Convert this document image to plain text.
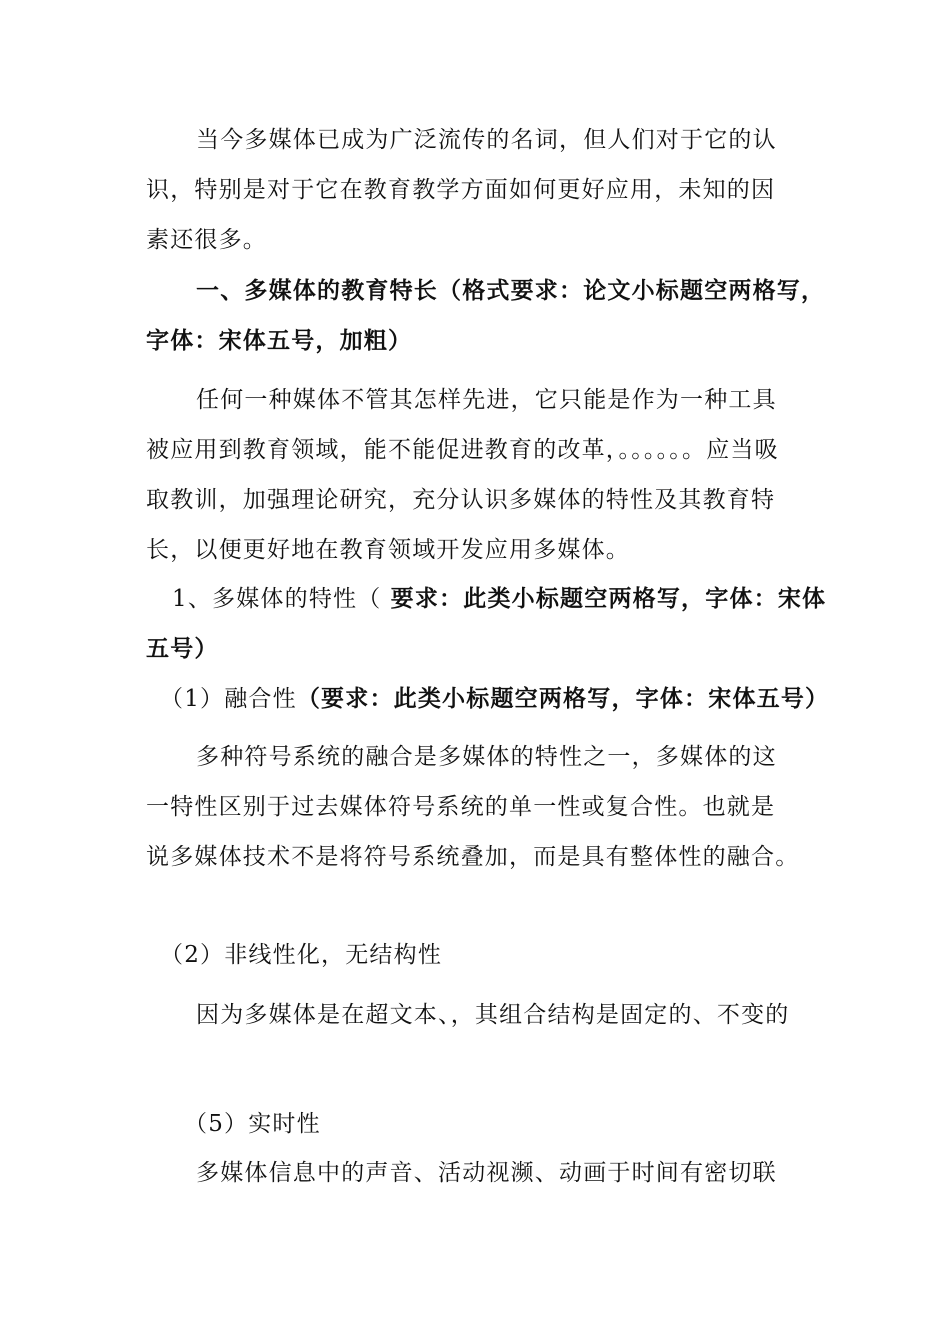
当今多媒体已成为广泛流传的名词，但人们对于它的认
识，特别是对于它在教育教学方面如何更好应用，未知的因
素还很多。
一、多媒体的教育特长（格式要求：论文小标题空两格写，
字体：宋体五号，加粗）
任何一种媒体不管其怎样先进，它只能是作为一种工具
被应用到教育领域，能不能促进教育的改革，。。。。。。应当吸
取教训，加强理论研究，充分认识多媒体的特性及其教育特
长，以便更好地在教育领域开发应用多媒体。
1、多媒体的特性（ 要求：此类小标题空两格写，字体：宋体
五号）
（1）融合性（要求：此类小标题空两格写，字体：宋体五号）
多种符号系统的融合是多媒体的特性之一，多媒体的这
一特性区别于过去媒体符号系统的单一性或复合性。也就是
说多媒体技术不是将符号系统叠加，而是具有整体性的融合。
（2）非线性化，无结构性
因为多媒体是在超文本、，其组合结构是固定的、不变的
（5）实时性
多媒体信息中的声音、活动视濒、动画于时间有密切联
